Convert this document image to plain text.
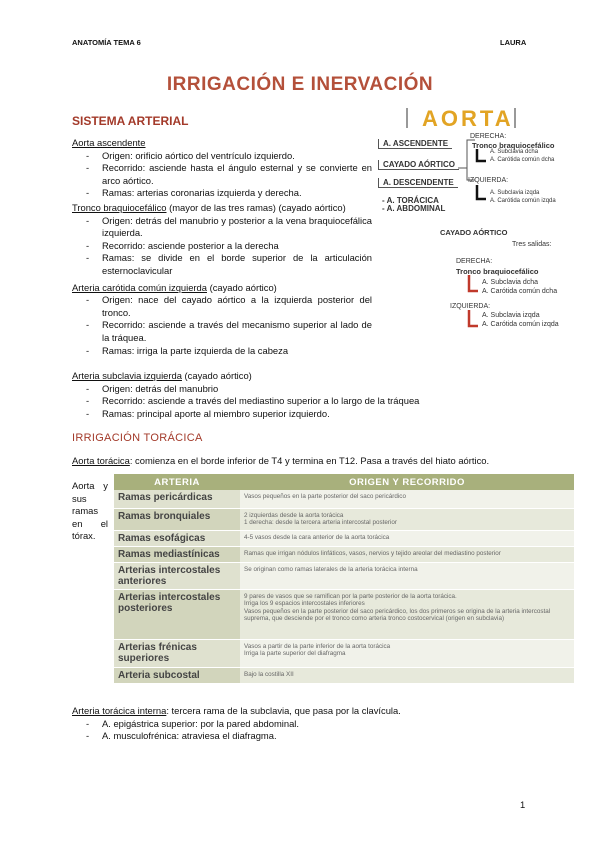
ANATOMÍA TEMA 6	LAURA
IRRIGACIÓN E INERVACIÓN
SISTEMA ARTERIAL
Aorta ascendente
- Origen: orificio aórtico del ventrículo izquierdo.
- Recorrido: asciende hasta el ángulo esternal y se convierte en arco aórtico.
- Ramas: arterias coronarias izquierda y derecha.
Tronco braquiocefálico (mayor de las tres ramas) (cayado aórtico)
- Origen: detrás del manubrio y posterior a la vena braquiocefálica izquierda.
- Recorrido: asciende posterior a la derecha
- Ramas: se divide en el borde superior de la articulación esternoclavicular
Arteria carótida común izquierda (cayado aórtico)
- Origen: nace del cayado aórtico a la izquierda posterior del tronco.
- Recorrido: asciende a través del mecanismo superior al lado de la tráquea.
- Ramas: irriga la parte izquierda de la cabeza
Arteria subclavia izquierda (cayado aórtico)
- Origen: detrás del manubrio
- Recorrido: asciende a través del mediastino superior a lo largo de la tráquea
- Ramas: principal aporte al miembro superior izquierdo.
AORTA
A. ASCENDENTE
CAYADO AÓRTICO
A. DESCENDENTE
- A. TORÁCICA
- A. ABDOMINAL
DERECHA:
Tronco braquiocefálico
A. Subclavia dcha
A. Carótida común dcha
IZQUIERDA:
A. Subclavia izqda
A. Carótida común izqda
CAYADO AÓRTICO
Tres salidas:
DERECHA:
Tronco braquiocefálico
A. Subclavia dcha
A. Carótida común dcha
IZQUIERDA:
A. Subclavia izqda
A. Carótida común izqda
IRRIGACIÓN TORÁCICA
Aorta torácica: comienza en el borde inferior de T4 y termina en T12. Pasa a través del hiato aórtico.
Aorta y sus ramas en el tórax.
ARTERIA	ORIGEN Y RECORRIDO
Ramas pericárdicas	Vasos pequeños en la parte posterior del saco pericárdico
Ramas bronquiales	2 izquierdas desde la aorta torácica
1 derecha: desde la tercera arteria intercostal posterior
Ramas esofágicas	4-5 vasos desde la cara anterior de la aorta torácica
Ramas mediastínicas	Ramas que irrigan nódulos linfáticos, vasos, nervios y tejido areolar del mediastino posterior
Arterias intercostales anteriores	Se originan como ramas laterales de la arteria torácica interna
Arterias intercostales posteriores	9 pares de vasos que se ramifican por la parte posterior de la aorta torácica.
Irriga los 9 espacios intercostales inferiores
Vasos pequeños en la parte posterior del saco pericárdico, los dos primeros se origina de la arteria intercostal suprema, que desciende por el tronco como arteria tronco costocervical (origen en subclavia)
Arterias frénicas superiores	Vasos a partir de la parte inferior de la aorta torácica
Irriga la parte superior del diafragma
Arteria subcostal	Bajo la costilla XII
Arteria torácica interna: tercera rama de la subclavia, que pasa por la clavícula.
- A. epigástrica superior: por la pared abdominal.
- A. musculofrénica: atraviesa el diafragma.
1
